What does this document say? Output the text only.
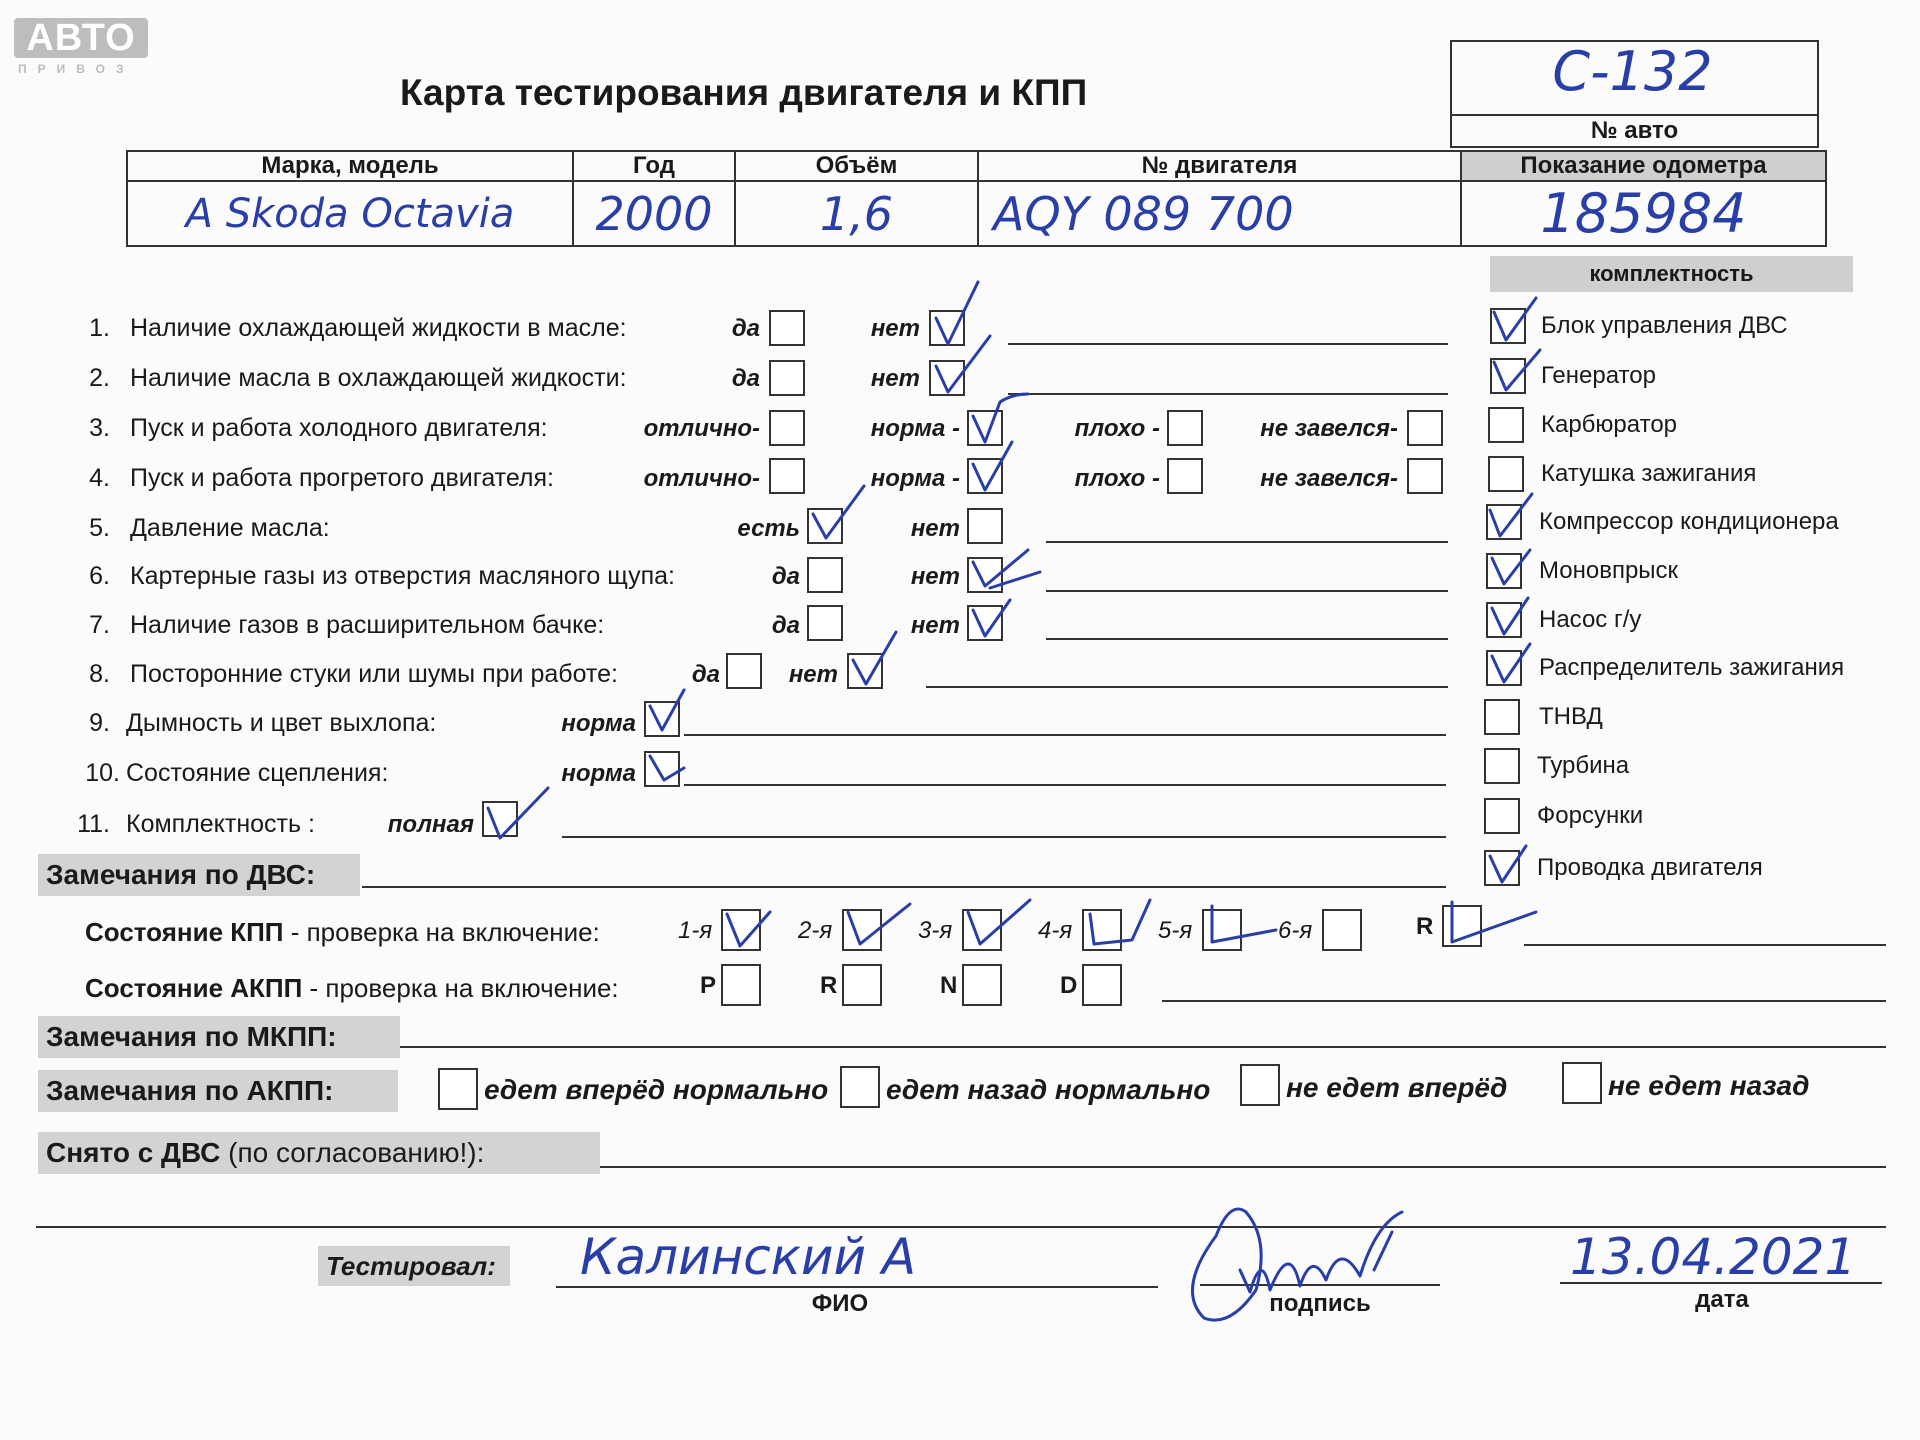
АВТО
ПРИВОЗ
Карта тестирования двигателя и КПП	С-132
№ авто
Марка, модель	Год	Объём	№ двигателя	Показание одометра
A Skoda Octavia	2000	1,6	AQY 089 700	185984
комплектность
Блок управления ДВС
Генератор
Карбюратор
Катушка зажигания
Компрессор кондиционера
Моновпрыск
Насос г/у
Распределитель зажигания
ТНВД
Турбина
Форсунки
Проводка двигателя
1. Наличие охлаждающей жидкости в масле:	да	нет
2. Наличие масла в охлаждающей жидкости:	да	нет
3. Пуск и работа холодного двигателя:	отлично-	норма -	плохо -	не завелся-
4. Пуск и работа прогретого двигателя:	отлично-	норма -	плохо -	не завелся-
5. Давление масла:	есть	нет
6. Картерные газы из отверстия масляного щупа:	да	нет
7. Наличие газов в расширительном бачке:	да	нет
8. Посторонние стуки или шумы при работе:	да	нет
9. Дымность и цвет выхлопа:	норма
10. Состояние сцепления:	норма
11. Комплектность :	полная
Замечания по ДВС:
Состояние КПП - проверка на включение:	1-я	2-я	3-я	4-я	5-я	6-я	R
Состояние АКПП - проверка на включение:	P	R	N	D
Замечания по МКПП:
Замечания по АКПП:	едет вперёд нормально едет назад нормально	не едет вперёд	не едет назад
Снято с ДВС (по согласованию!):
Тестировал: Калинский А
ФИО	подпись
13.04.2021
дата
